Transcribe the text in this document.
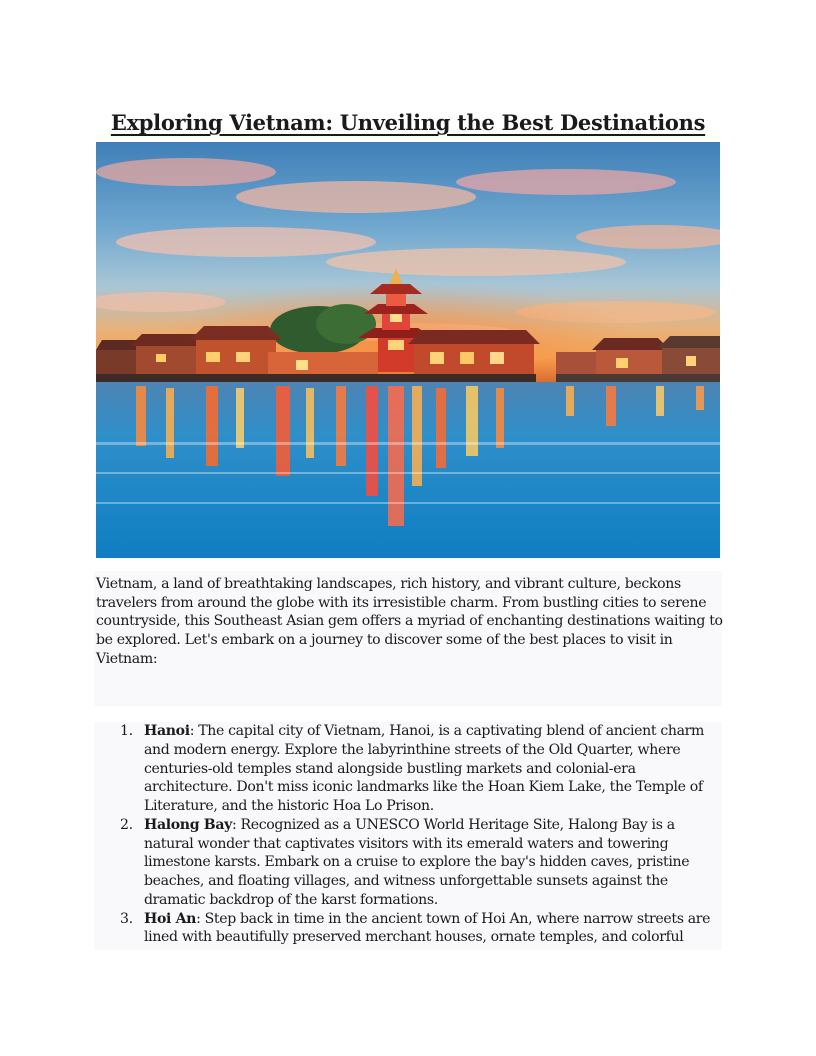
Exploring Vietnam: Unveiling the Best Destinations

Vietnam, a land of breathtaking landscapes, rich history, and vibrant culture, beckons travelers from around the globe with its irresistible charm. From bustling cities to serene countryside, this Southeast Asian gem offers a myriad of enchanting destinations waiting to be explored. Let's embark on a journey to discover some of the best places to visit in Vietnam:

1. Hanoi: The capital city of Vietnam, Hanoi, is a captivating blend of ancient charm and modern energy. Explore the labyrinthine streets of the Old Quarter, where centuries-old temples stand alongside bustling markets and colonial-era architecture. Don't miss iconic landmarks like the Hoan Kiem Lake, the Temple of Literature, and the historic Hoa Lo Prison.
2. Halong Bay: Recognized as a UNESCO World Heritage Site, Halong Bay is a natural wonder that captivates visitors with its emerald waters and towering limestone karsts. Embark on a cruise to explore the bay's hidden caves, pristine beaches, and floating villages, and witness unforgettable sunsets against the dramatic backdrop of the karst formations.
3. Hoi An: Step back in time in the ancient town of Hoi An, where narrow streets are lined with beautifully preserved merchant houses, ornate temples, and colorful
